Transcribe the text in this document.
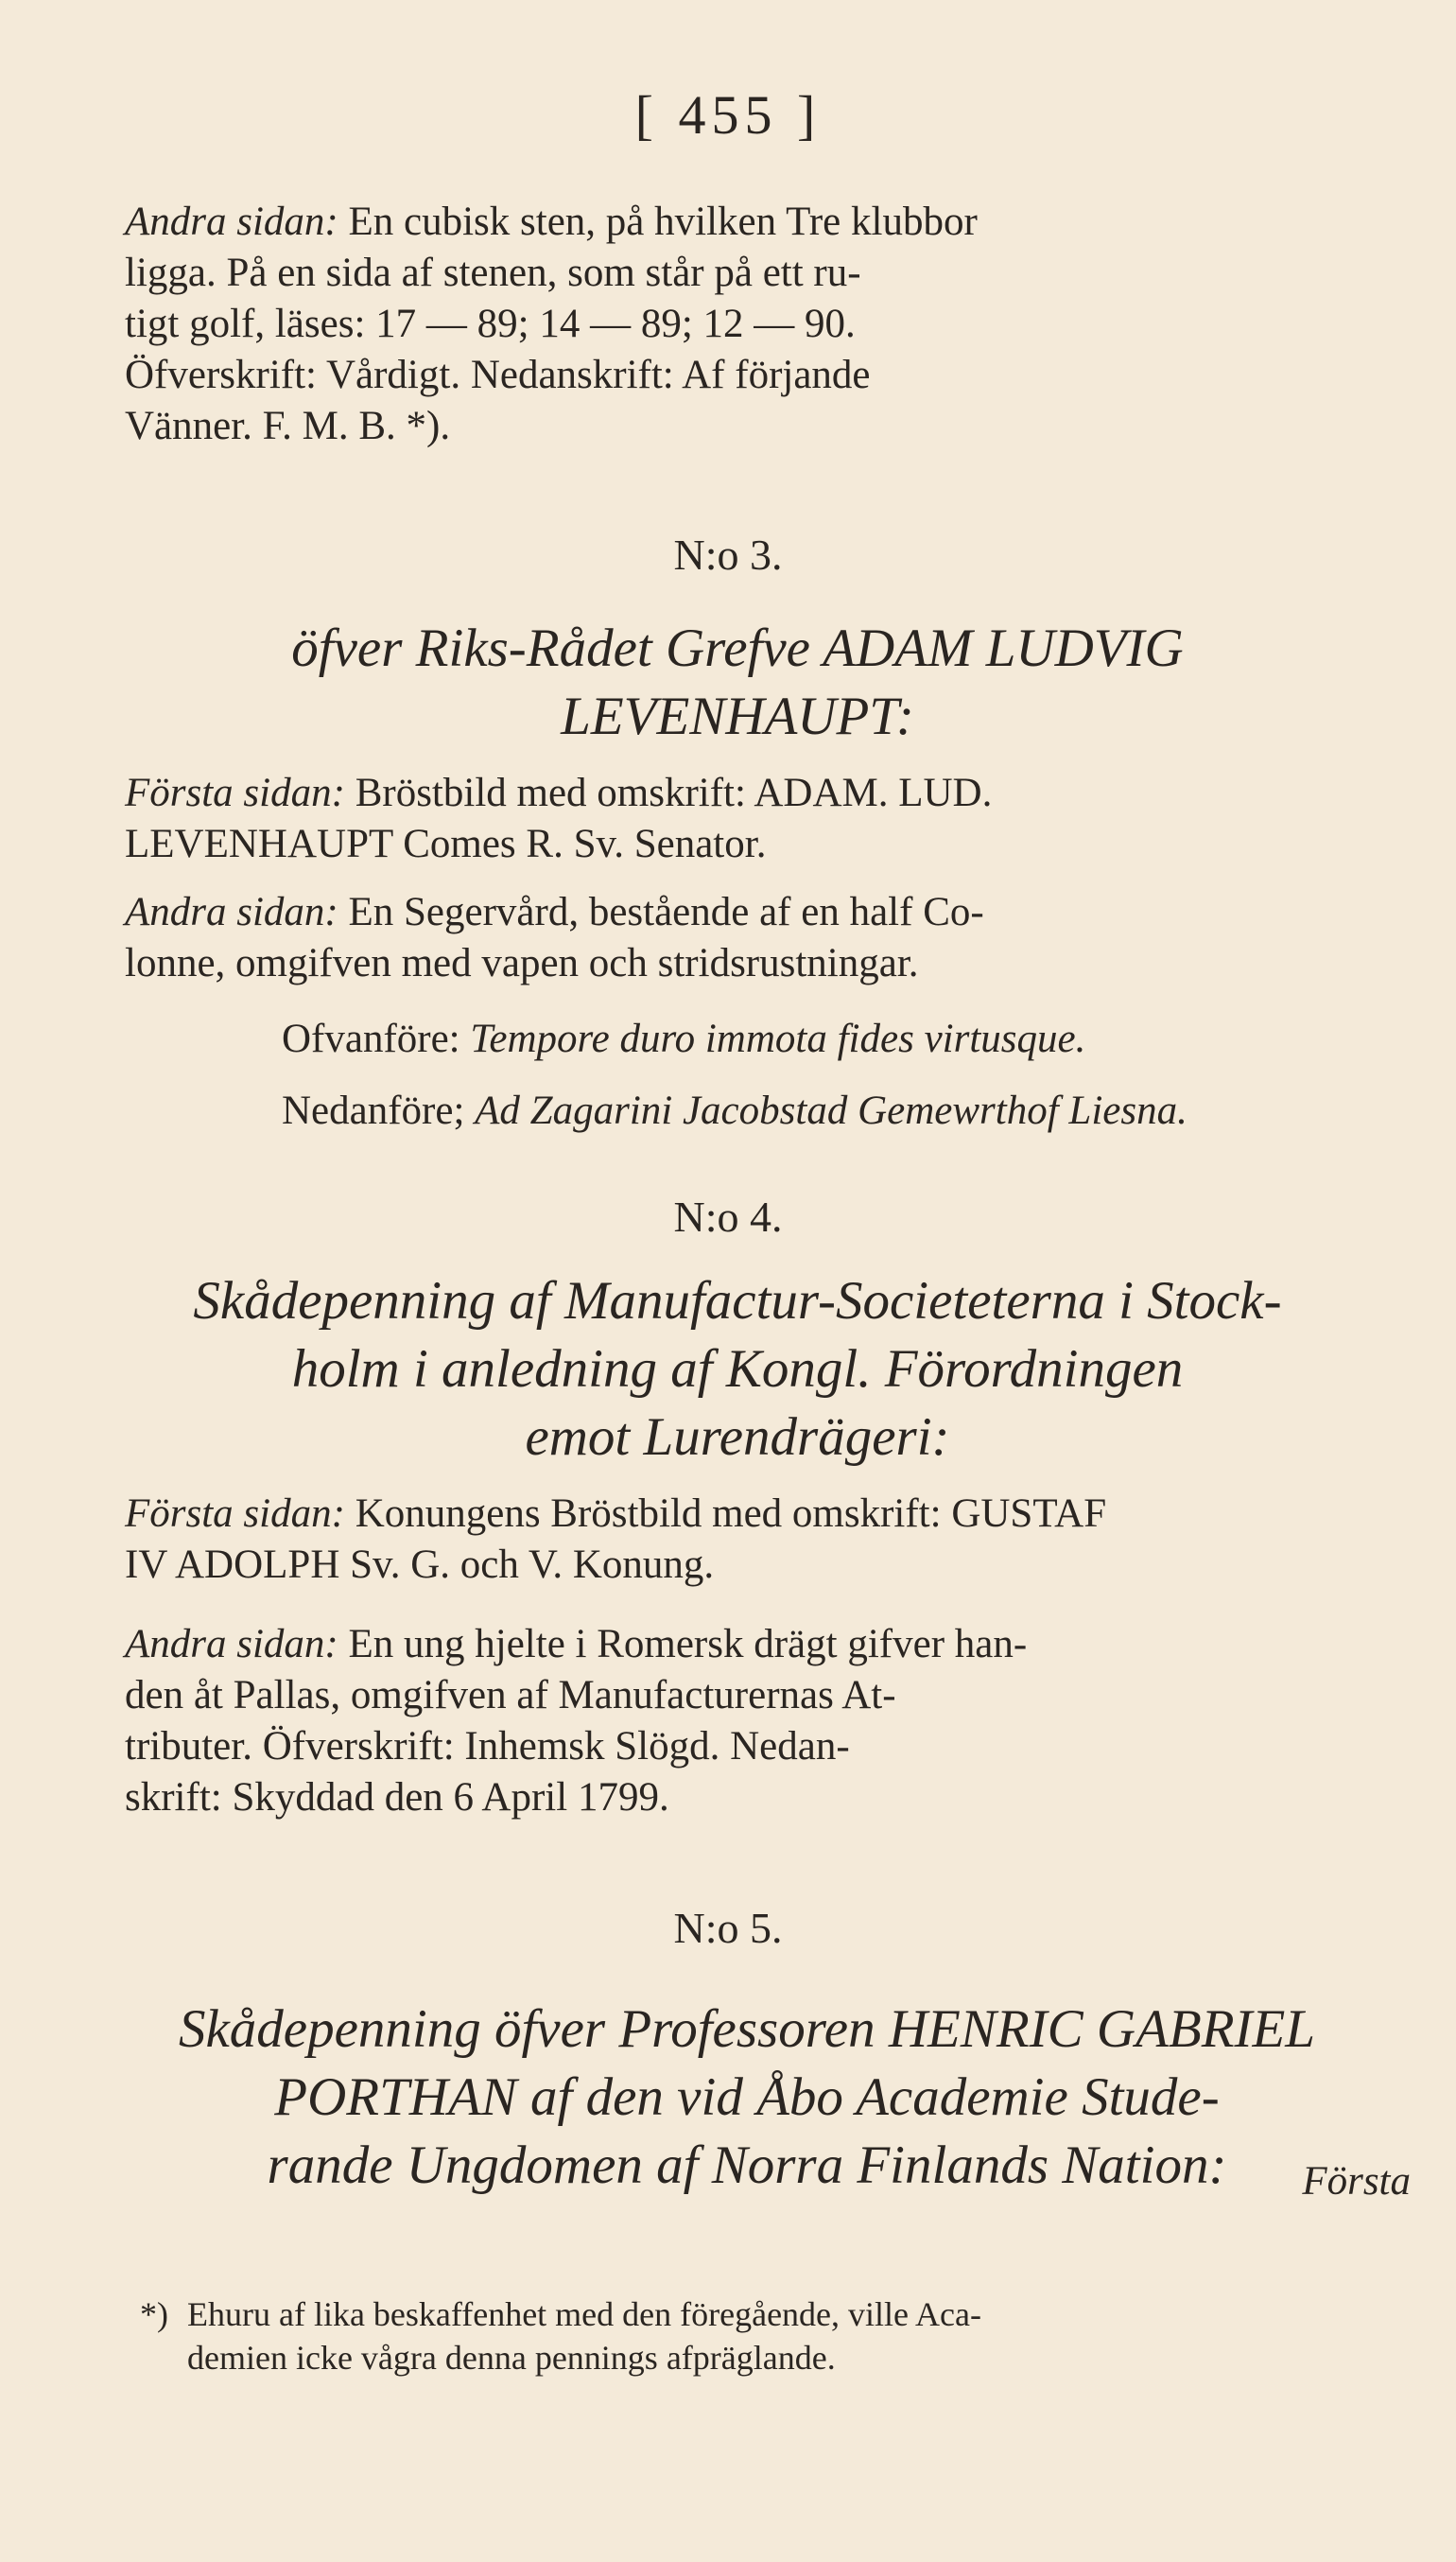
[ 455 ]
Andra sidan: En cubisk sten, på hvilken Tre klubbor
ligga. På en sida af stenen, som står på ett ru-
tigt golf, läses: 17 — 89; 14 — 89; 12 — 90.
Öfverskrift: Vårdigt. Nedanskrift: Af förjande
Vänner. F. M. B. *).
N:o 3.
öfver Riks-Rådet Grefve ADAM LUDVIG
LEVENHAUPT:
Första sidan: Bröstbild med omskrift: ADAM. LUD.
LEVENHAUPT Comes R. Sv. Senator.
Andra sidan: En Segervård, bestående af en half Co-
lonne, omgifven med vapen och stridsrustningar.
Ofvanföre: Tempore duro immota fides virtusque.
Nedanföre; Ad Zagarini Jacobstad Gemewrthof Liesna.
N:o 4.
Skådepenning af Manufactur-Societeterna i Stock-
holm i anledning af Kongl. Förordningen
emot Lurendrägeri:
Första sidan: Konungens Bröstbild med omskrift: GUSTAF
IV ADOLPH Sv. G. och V. Konung.
Andra sidan: En ung hjelte i Romersk drägt gifver han-
den åt Pallas, omgifven af Manufacturernas At-
tributer. Öfverskrift: Inhemsk Slögd. Nedan-
skrift: Skyddad den 6 April 1799.
N:o 5.
Skådepenning öfver Professoren HENRIC GABRIEL
PORTHAN af den vid Åbo Academie Stude-
rande Ungdomen af Norra Finlands Nation:	Första
*) Ehuru af lika beskaffenhet med den föregående, ville Aca-
demien icke vågra denna pennings afpräglande.
